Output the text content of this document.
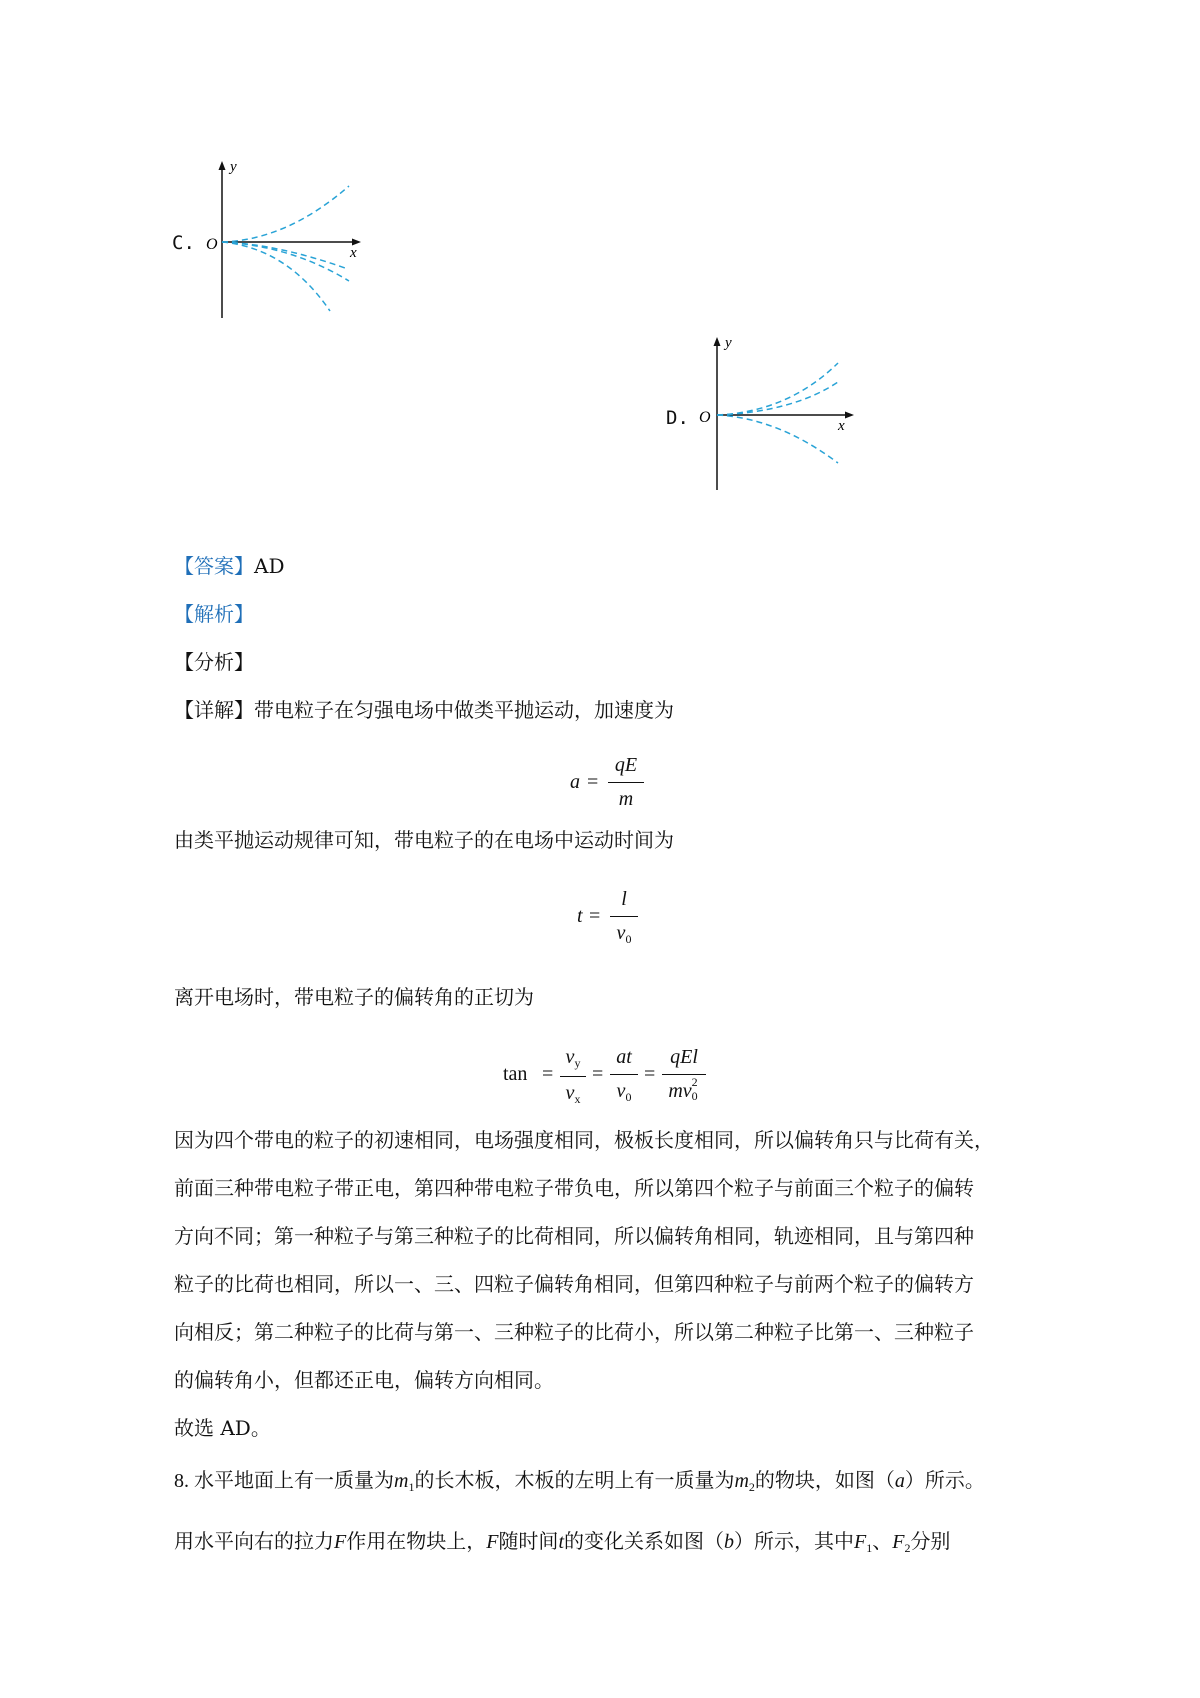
C.
y
O	x
D.
y
O	x
【答案】AD
【解析】
【分析】
【详解】带电粒子在匀强电场中做类平抛运动，加速度为
a =
qE
m
由类平抛运动规律可知，带电粒子的在电场中运动时间为
t =
l
$v_0$
离开电场时，带电粒子的偏转角的正切为
tan =
$v_y$
$v_x$
=
at
$v_0$
=
qEl
mv 2
0
因为四个带电的粒子的初速相同，电场强度相同，极板长度相同，所以偏转角只与比荷有关，
前面三种带电粒子带正电，第四种带电粒子带负电，所以第四个粒子与前面三个粒子的偏转
方向不同；第一种粒子与第三种粒子的比荷相同，所以偏转角相同，轨迹相同，且与第四种
粒子的比荷也相同，所以一、三、四粒子偏转角相同，但第四种粒子与前两个粒子的偏转方
向相反；第二种粒子的比荷与第一、三种粒子的比荷小，所以第二种粒子比第一、三种粒子
的偏转角小，但都还正电，偏转方向相同。
故选 AD。
8. 水平地面上有一质量为$m_1$的长木板，木板的左明上有一质量为$m_2$的物块，如图（a）所示。
用水平向右的拉力F作用在物块上，F随时间t的变化关系如图（b）所示，其中$F_1$、$F_2$分别
